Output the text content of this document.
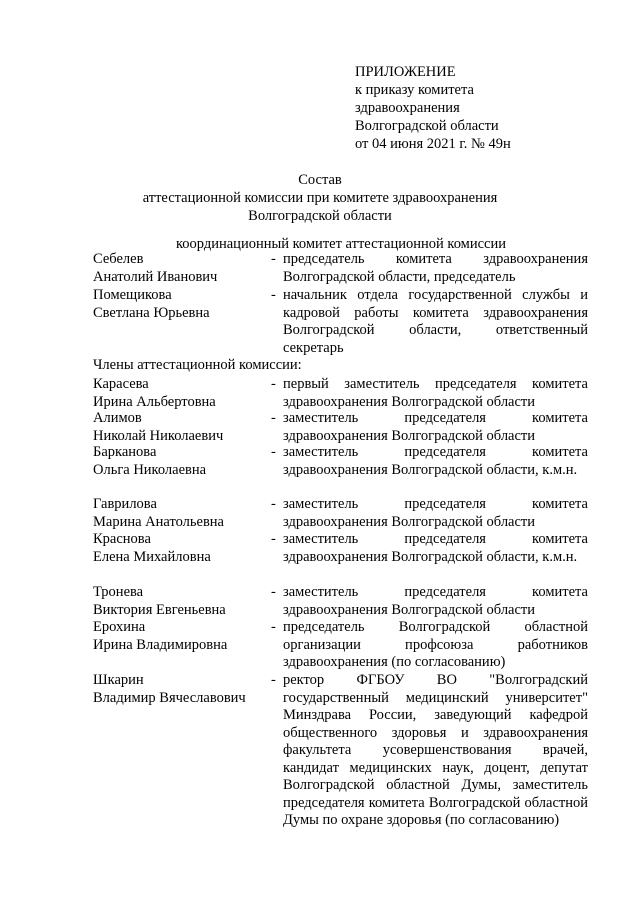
ПРИЛОЖЕНИЕ
к приказу комитета
здравоохранения
Волгоградской области
от 04 июня 2021 г. № 49н
Состав
аттестационной комиссии при комитете здравоохранения
Волгоградской области
координационный комитет аттестационной комиссии
Себелев
Анатолий Иванович
- председатель комитета здравоохранения Волгоградской области, председатель
Помещикова
Светлана Юрьевна
- начальник отдела государственной службы и кадровой работы комитета здравоохранения Волгоградской области, ответственный секретарь
Члены аттестационной комиссии:
Карасева
Ирина Альбертовна
- первый заместитель председателя комитета здравоохранения Волгоградской области
Алимов
Николай Николаевич
- заместитель председателя комитета здравоохранения Волгоградской области
Барканова
Ольга Николаевна
- заместитель председателя комитета здравоохранения Волгоградской области, к.м.н.
Гаврилова
Марина Анатольевна
- заместитель председателя комитета здравоохранения Волгоградской области
Краснова
Елена Михайловна
- заместитель председателя комитета здравоохранения Волгоградской области, к.м.н.
Тронева
Виктория Евгеньевна
- заместитель председателя комитета здравоохранения Волгоградской области
Ерохина
Ирина Владимировна
- председатель Волгоградской областной организации профсоюза работников здравоохранения (по согласованию)
Шкарин
Владимир Вячеславович
- ректор ФГБОУ ВО "Волгоградский государственный медицинский университет" Минздрава России, заведующий кафедрой общественного здоровья и здравоохранения факультета усовершенствования врачей, кандидат медицинских наук, доцент, депутат Волгоградской областной Думы, заместитель председателя комитета Волгоградской областной Думы по охране здоровья (по согласованию)
